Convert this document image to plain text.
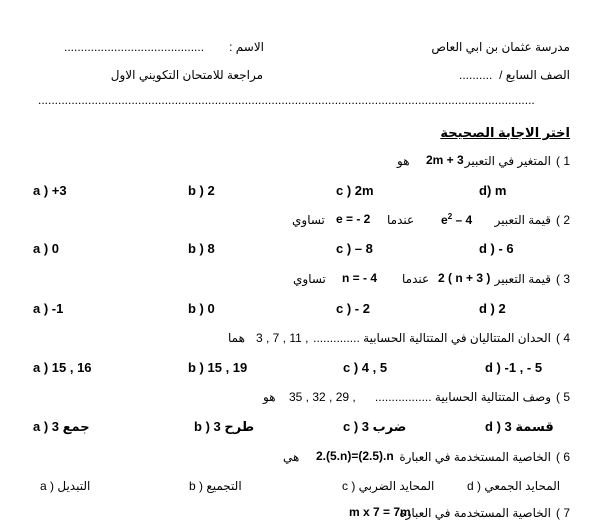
مدرسة عثمان بن ابي العاص
الاسم :
..........................................
الصف السابع /
..........
مراجعة للامتحان التكويني الاول
.....................................................................................................................................................
اختر الاجابة الصحيحة
1 )
المتغير في التعبير
2m + 3
هو
a ) +3	b ) 2	c ) 2m	d) m
2 )
قيمة التعبير
$e^2 - 4$
عندما
e = - 2
تساوي
a ) 0	b ) 8	c ) – 8	d ) - 6
3 )
قيمة التعبير
2 ( n + 3 )
عندما
n = - 4
تساوي
a ) -1	b ) 0	c ) - 2	d ) 2
4 )
الحدان المتتاليان في المتتالية الحسابية ..............
3 , 7 , 11 ,
هما
a ) 15 , 16	b ) 15 , 19	c ) 4 , 5	d ) -1 , - 5
5 )
وصف المتتالية الحسابية .................
35 , 32 , 29 ,
هو
جمع 3 ( a	طرح 3 ( b	ضرب 3 ( c	قسمة 3 ( d
6 )
الخاصية المستخدمة في العبارة
2.(5.n)=(2.5).n
هي
التبديل ( a	التجميع ( b	المحايد الضربي ( c	المحايد الجمعي ( d
7 )
الخاصية المستخدمة في العبارة
m x 7 = 7m
